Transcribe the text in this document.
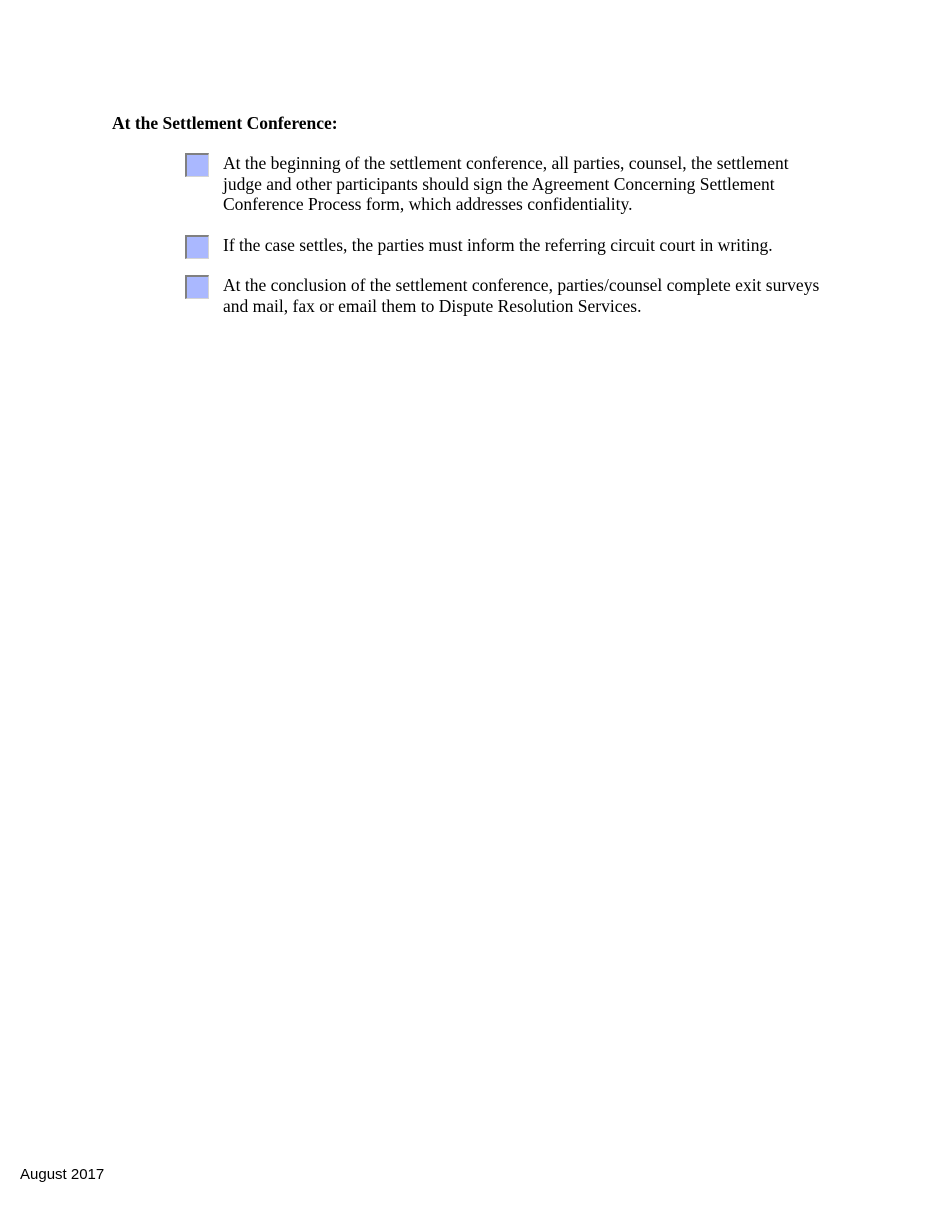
At the Settlement Conference:
At the beginning of the settlement conference, all parties, counsel, the settlement judge and other participants should sign the Agreement Concerning Settlement Conference Process form, which addresses confidentiality.
If the case settles, the parties must inform the referring circuit court in writing.
At the conclusion of the settlement conference, parties/counsel complete exit surveys and mail, fax or email them to Dispute Resolution Services.
August 2017
